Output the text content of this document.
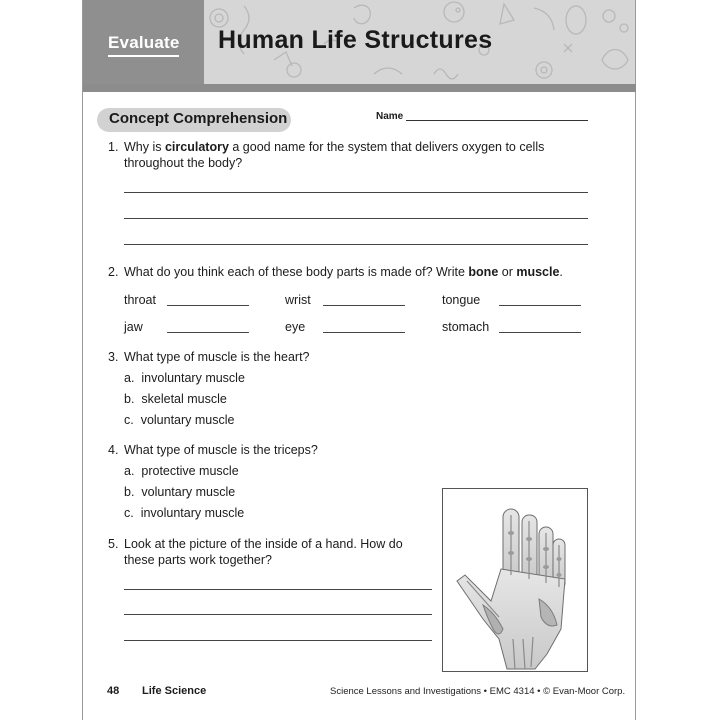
Evaluate Human Life Structures
Concept Comprehension	Name
1. Why is circulatory a good name for the system that delivers oxygen to cells
throughout the body?
2. What do you think each of these body parts is made of? Write bone or muscle.
throat	wrist	tongue
jaw	eye	stomach
3. What type of muscle is the heart?
a. involuntary muscle
b. skeletal muscle
c. voluntary muscle
4. What type of muscle is the triceps?
a. protective muscle
b. voluntary muscle
c. involuntary muscle
5. Look at the picture of the inside of a hand. How do
these parts work together?
48 Life Science	Science Lessons and Investigations • EMC 4314 • © Evan-Moor Corp.
